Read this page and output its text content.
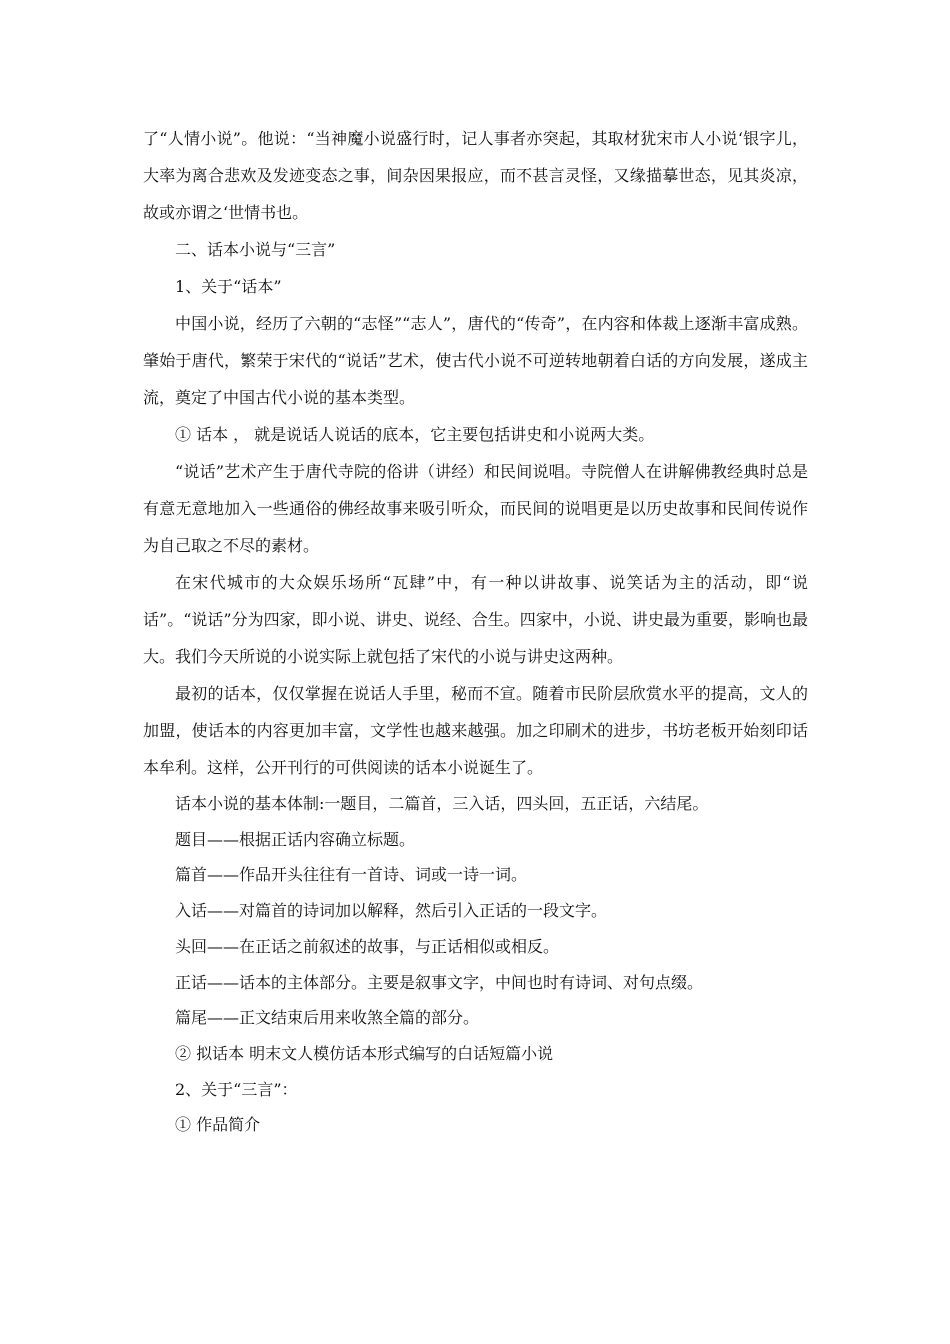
了“人情小说”。他说：“当神魔小说盛行时，记人事者亦突起，其取材犹宋市人小说‘银字儿，大率为离合悲欢及发迹变态之事，间杂因果报应，而不甚言灵怪，又缘描摹世态，见其炎凉，故或亦谓之‘世情书也。

二、话本小说与“三言”

1、关于“话本”

中国小说，经历了六朝的“志怪”“志人”，唐代的“传奇”，在内容和体裁上逐渐丰富成熟。肇始于唐代，繁荣于宋代的“说话”艺术，使古代小说不可逆转地朝着白话的方向发展，遂成主流，奠定了中国古代小说的基本类型。

① 话本 ， 就是说话人说话的底本，它主要包括讲史和小说两大类。

“说话”艺术产生于唐代寺院的俗讲（讲经）和民间说唱。寺院僧人在讲解佛教经典时总是有意无意地加入一些通俗的佛经故事来吸引听众，而民间的说唱更是以历史故事和民间传说作为自己取之不尽的素材。

在宋代城市的大众娱乐场所“瓦肆”中，有一种以讲故事、说笑话为主的活动，即“说话”。“说话”分为四家，即小说、讲史、说经、合生。四家中，小说、讲史最为重要，影响也最大。我们今天所说的小说实际上就包括了宋代的小说与讲史这两种。

最初的话本，仅仅掌握在说话人手里，秘而不宣。随着市民阶层欣赏水平的提高，文人的加盟，使话本的内容更加丰富，文学性也越来越强。加之印刷术的进步，书坊老板开始刻印话本牟利。这样，公开刊行的可供阅读的话本小说诞生了。

话本小说的基本体制:一题目，二篇首，三入话，四头回，五正话，六结尾。

题目——根据正话内容确立标题。

篇首——作品开头往往有一首诗、词或一诗一词。

入话——对篇首的诗词加以解释，然后引入正话的一段文字。

头回——在正话之前叙述的故事，与正话相似或相反。

正话——话本的主体部分。主要是叙事文字，中间也时有诗词、对句点缀。

篇尾——正文结束后用来收煞全篇的部分。

② 拟话本 明末文人模仿话本形式编写的白话短篇小说

2、关于“三言”：

① 作品简介
